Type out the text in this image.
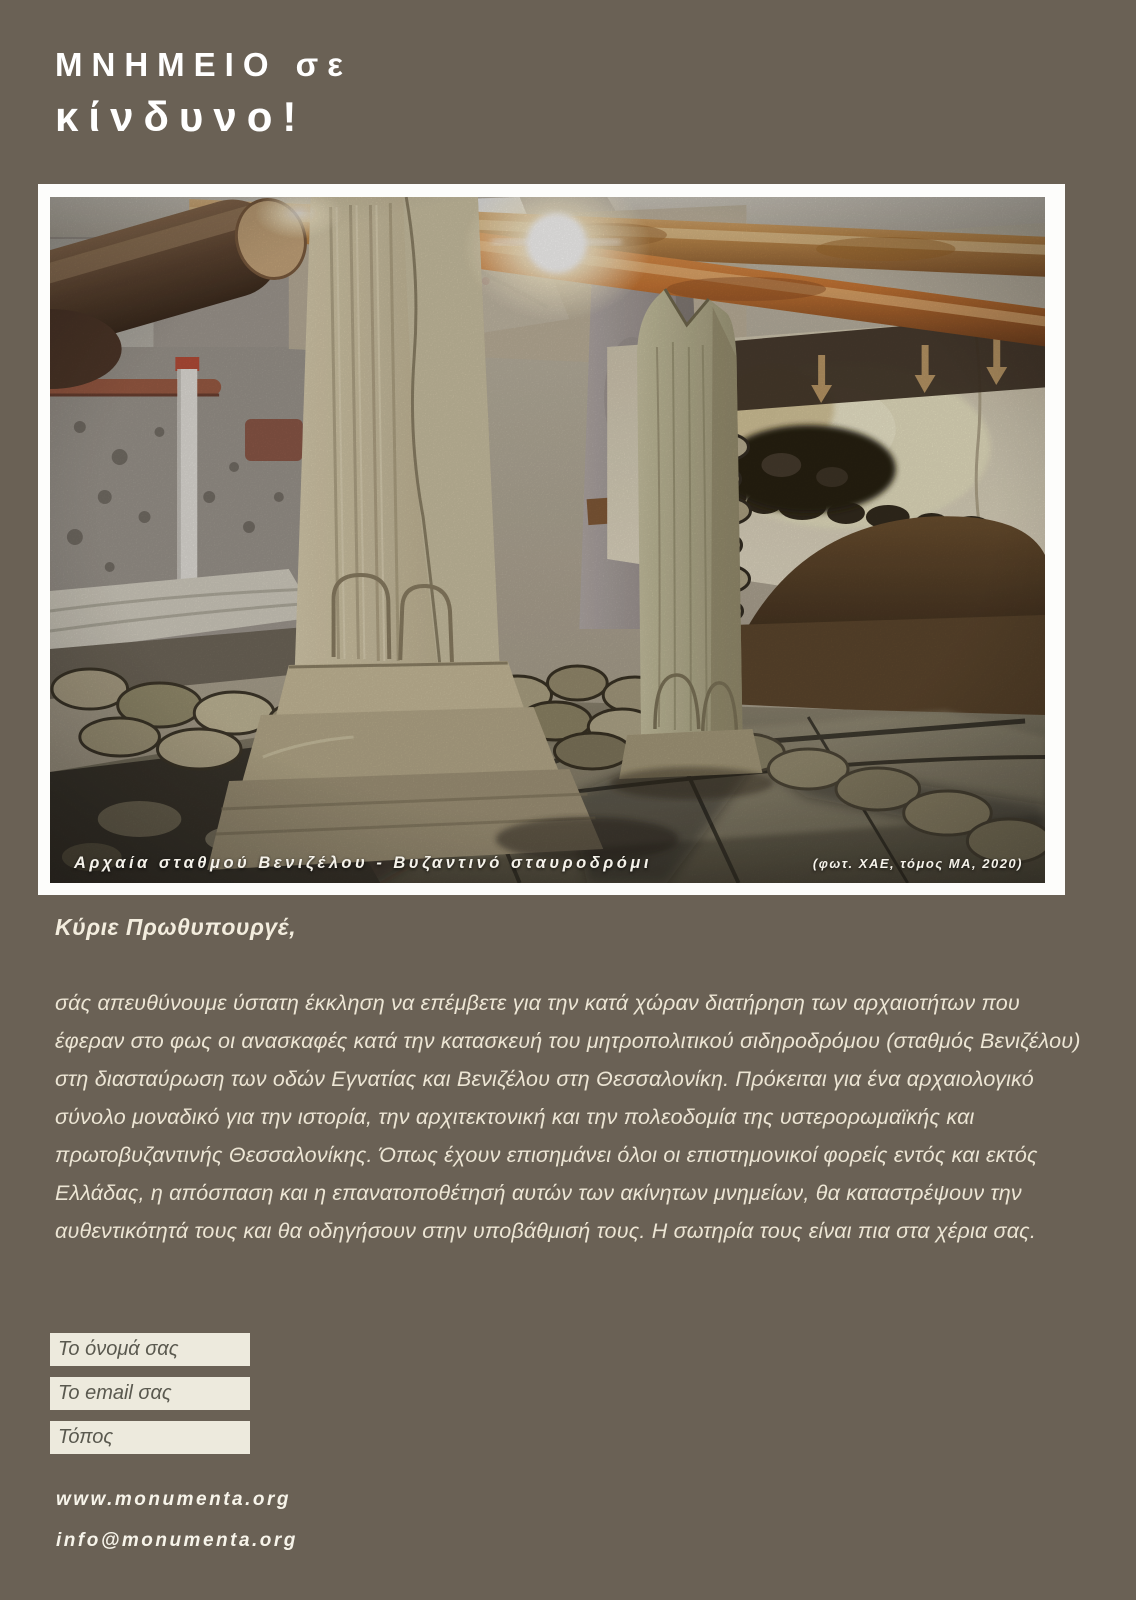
ΜΝΗΜΕΙΟ σε
κίνδυνο!
Αρχαία σταθμού Βενιζέλου - Βυζαντινό σταυροδρόμι	(φωτ. ΧΑΕ, τόμος ΜΑ, 2020)
Κύριε Πρωθυπουργέ,
σάς απευθύνουμε ύστατη έκκληση να επέμβετε για την κατά χώραν διατήρηση των αρχαιοτήτων που έφεραν στο φως οι ανασκαφές κατά την κατασκευή του μητροπολιτικού σιδηροδρόμου (σταθμός Βενιζέλου) στη διασταύρωση των οδών Εγνατίας και Βενιζέλου στη Θεσσαλονίκη. Πρόκειται για ένα αρχαιολογικό σύνολο μοναδικό για την ιστορία, την αρχιτεκτονική και την πολεοδομία της υστερορωμαϊκής και πρωτοβυζαντινής Θεσσαλονίκης. Όπως έχουν επισημάνει όλοι οι επιστημονικοί φορείς εντός και εκτός Ελλάδας, η απόσπαση και η επανατοποθέτησή αυτών των ακίνητων μνημείων, θα καταστρέψουν την αυθεντικότητά τους και θα οδηγήσουν στην υποβάθμισή τους. Η σωτηρία τους είναι πια στα χέρια σας.
Το όνομά σας
Το email σας
Τόπος
www.monumenta.org
info@monumenta.org
